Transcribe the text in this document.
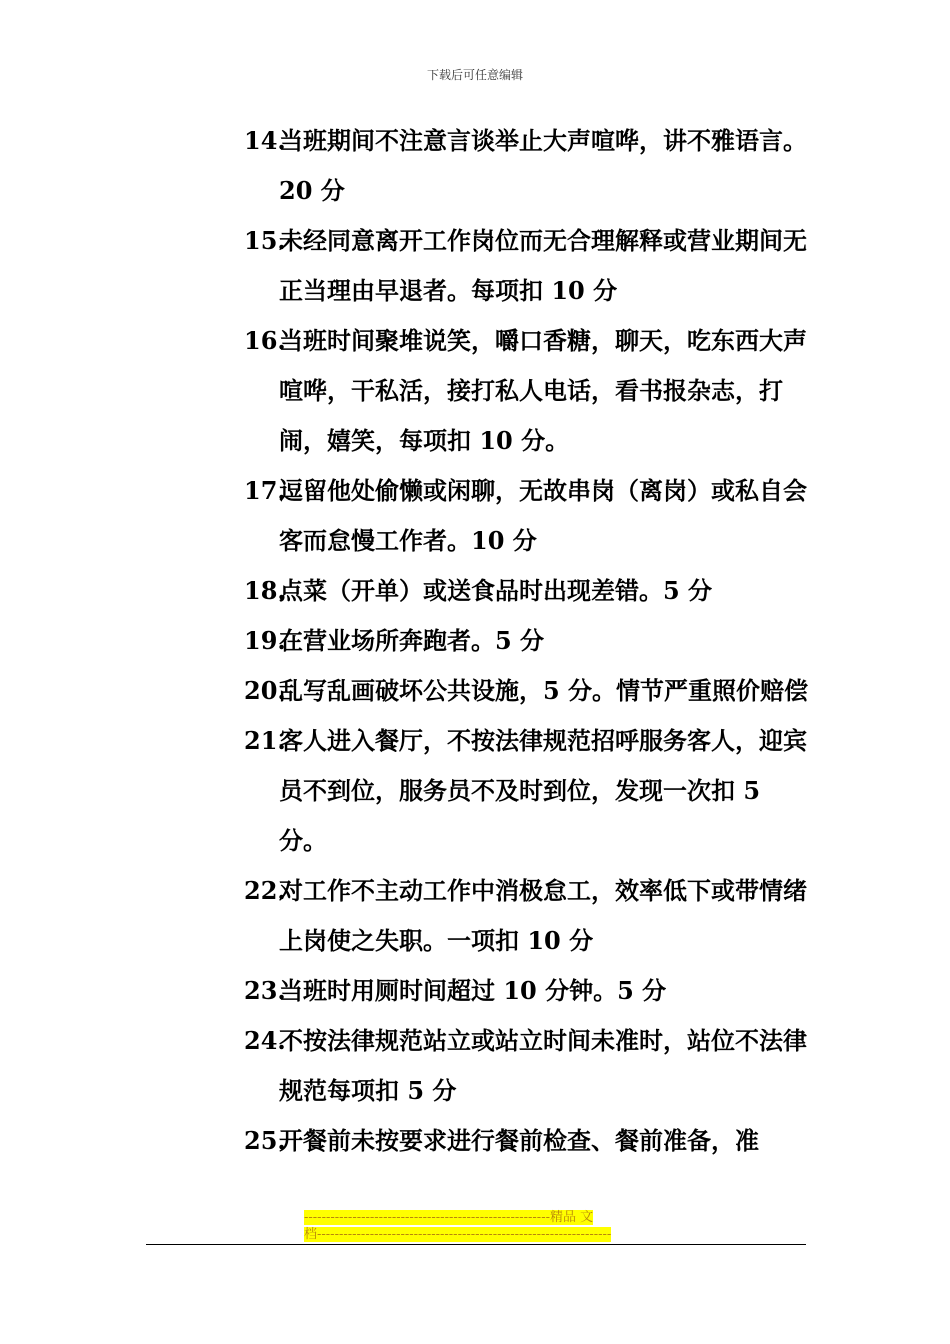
下载后可任意编辑
14.
当班期间不注意言谈举止大声喧哗，讲不雅语言。20 分
15.
未经同意离开工作岗位而无合理解释或营业期间无正当理由早退者。每项扣 10 分
16.
当班时间聚堆说笑，嚼口香糖，聊天，吃东西大声喧哗，干私活，接打私人电话，看书报杂志，打闹，嬉笑，每项扣 10 分。
17.
逗留他处偷懒或闲聊，无故串岗（离岗）或私自会客而怠慢工作者。10 分
18.
点菜（开单）或送食品时出现差错。5 分
19.
在营业场所奔跑者。5 分
20.
乱写乱画破坏公共设施，5 分。情节严重照价赔偿
21.
客人进入餐厅，不按法律规范招呼服务客人，迎宾员不到位，服务员不及时到位，发现一次扣 5 分。
22.
对工作不主动工作中消极怠工，效率低下或带情绪上岗使之失职。一项扣 10 分
23.
当班时用厕时间超过 10 分钟。5 分
24.
不按法律规范站立或站立时间未准时，站位不法律规范每项扣 5 分
25.
开餐前未按要求进行餐前检查、餐前准备，准
--------------------------------------------------------精品 文
档-------------------------------------------------------------------
